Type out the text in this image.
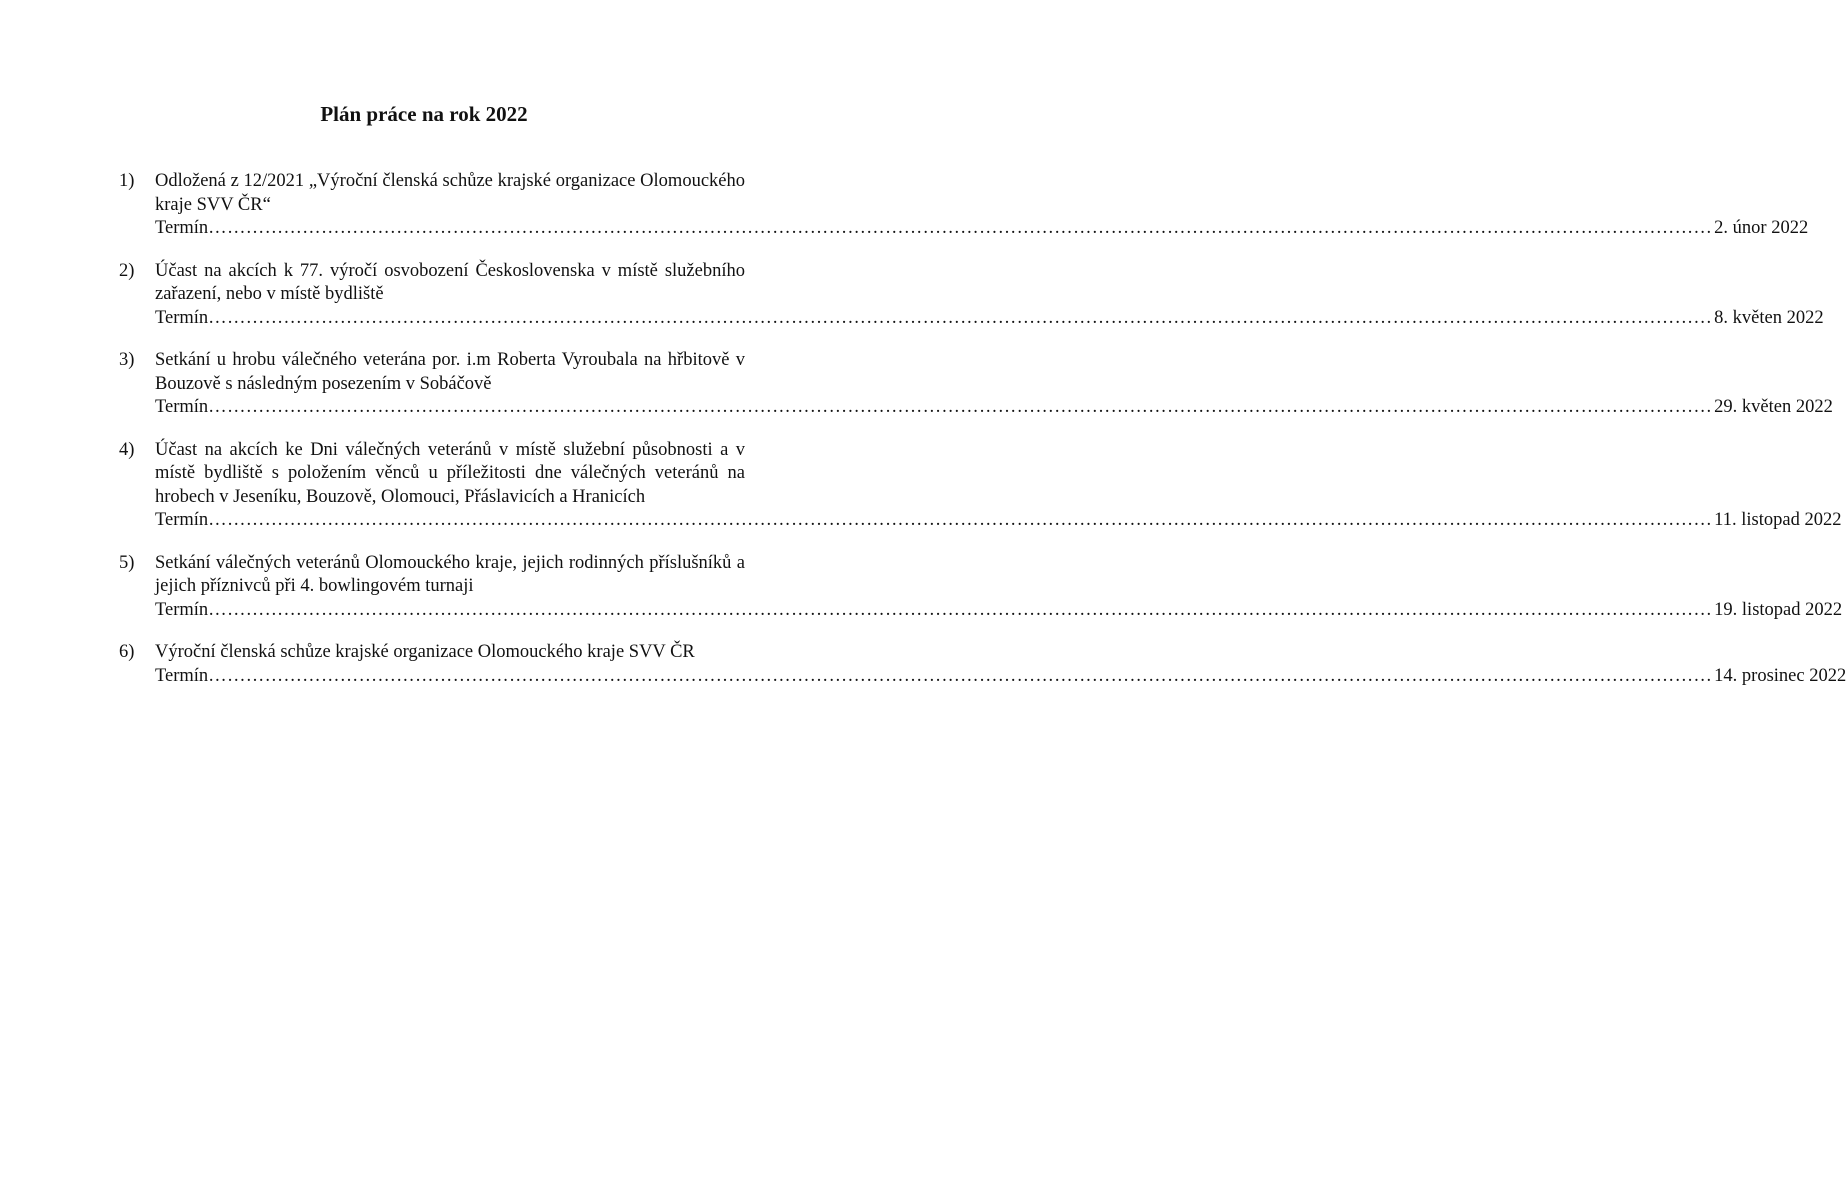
Plán práce na rok 2022
1) Odložená z 12/2021 „Výroční členská schůze krajské organizace Olomouckého kraje SVV ČR“
Termín …………………………………………………………………………………………………………………………………………………………………………………………………………………… 2. únor 2022
2) Účast na akcích k 77. výročí osvobození Československa v místě služebního zařazení, nebo v místě bydliště
Termín …………………………………………………………………………………………………………………………………………………………………………………………………………………… 8. květen 2022
3) Setkání u hrobu válečného veterána por. i.m Roberta Vyroubala na hřbitově v Bouzově s následným posezením v Sobáčově
Termín …………………………………………………………………………………………………………………………………………………………………………………………………………………… 29. květen 2022
4) Účast na akcích ke Dni válečných veteránů v místě služební působnosti a v místě bydliště s položením věnců u příležitosti dne válečných veteránů na hrobech v Jeseníku, Bouzově, Olomouci, Přáslavicích a Hranicích
Termín …………………………………………………………………………………………………………………………………………………………………………………………………………………… 11. listopad 2022
5) Setkání válečných veteránů Olomouckého kraje, jejich rodinných příslušníků a jejich příznivců při 4. bowlingovém turnaji
Termín …………………………………………………………………………………………………………………………………………………………………………………………………………………… 19. listopad 2022
6) Výroční členská schůze krajské organizace Olomouckého kraje SVV ČR
Termín …………………………………………………………………………………………………………………………………………………………………………………………………………………… 14. prosinec 2022
